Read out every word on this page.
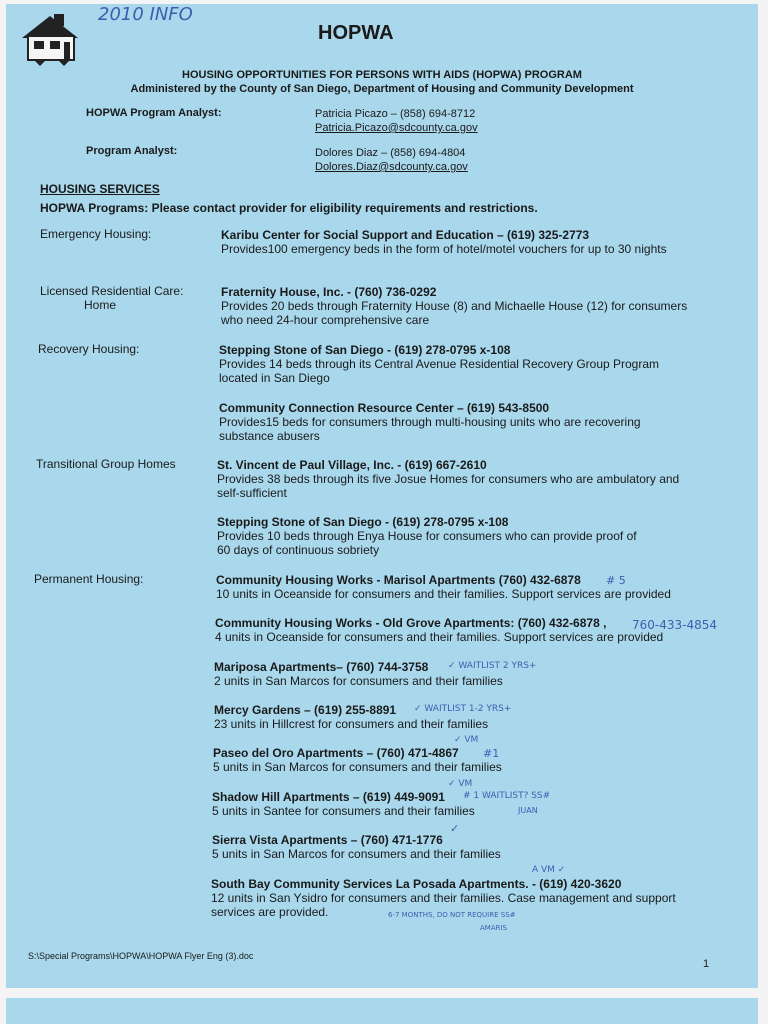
2010 INFO
HOPWA
HOUSING OPPORTUNITIES FOR PERSONS WITH AIDS (HOPWA) PROGRAM
Administered by the County of San Diego, Department of Housing and Community Development
HOPWA Program Analyst:	Patricia Picazo – (858) 694-8712
Patricia.Picazo@sdcounty.ca.gov
Program Analyst:	Dolores Diaz – (858) 694-4804
Dolores.Diaz@sdcounty.ca.gov
HOUSING SERVICES
HOPWA Programs: Please contact provider for eligibility requirements and restrictions.
Emergency Housing:
Licensed Residential Care:
Home
Recovery Housing:
Transitional Group Homes
Permanent Housing:
Karibu Center for Social Support and Education – (619) 325-2773
Provides100 emergency beds in the form of hotel/motel vouchers for up to 30 nights
Fraternity House, Inc. - (760) 736-0292
Provides 20 beds through Fraternity House (8) and Michaelle House (12) for consumers
who need 24-hour comprehensive care
Stepping Stone of San Diego - (619) 278-0795 x-108
Provides 14 beds through its Central Avenue Residential Recovery Group Program
located in San Diego
Community Connection Resource Center – (619) 543-8500
Provides15 beds for consumers through multi-housing units who are recovering
substance abusers
St. Vincent de Paul Village, Inc. - (619) 667-2610
Provides 38 beds through its five Josue Homes for consumers who are ambulatory and
self-sufficient
Stepping Stone of San Diego - (619) 278-0795 x-108
Provides 10 beds through Enya House for consumers who can provide proof of
60 days of continuous sobriety
Community Housing Works - Marisol Apartments (760) 432-6878
10 units in Oceanside for consumers and their families. Support services are provided
Community Housing Works - Old Grove Apartments: (760) 432-6878 ,
4 units in Oceanside for consumers and their families. Support services are provided
Mariposa Apartments– (760) 744-3758
2 units in San Marcos for consumers and their families
Mercy Gardens – (619) 255-8891
23 units in Hillcrest for consumers and their families
Paseo del Oro Apartments – (760) 471-4867
5 units in San Marcos for consumers and their families
Shadow Hill Apartments – (619) 449-9091
5 units in Santee for consumers and their families
Sierra Vista Apartments – (760) 471-1776
5 units in San Marcos for consumers and their families
South Bay Community Services La Posada Apartments. - (619) 420-3620
12 units in San Ysidro for consumers and their families. Case management and support
services are provided.
# 5
760-433-4854
✓ WAITLIST 2 YRS+
✓ WAITLIST 1-2 YRS+
✓ VM
#1
✓ VM
# 1 WAITLIST? SS#
JUAN
✓
A VM ✓
6-7 MONTHS, DO NOT REQUIRE SS#
AMARIS
S:\Special Programs\HOPWA\HOPWA Flyer Eng (3).doc
1
